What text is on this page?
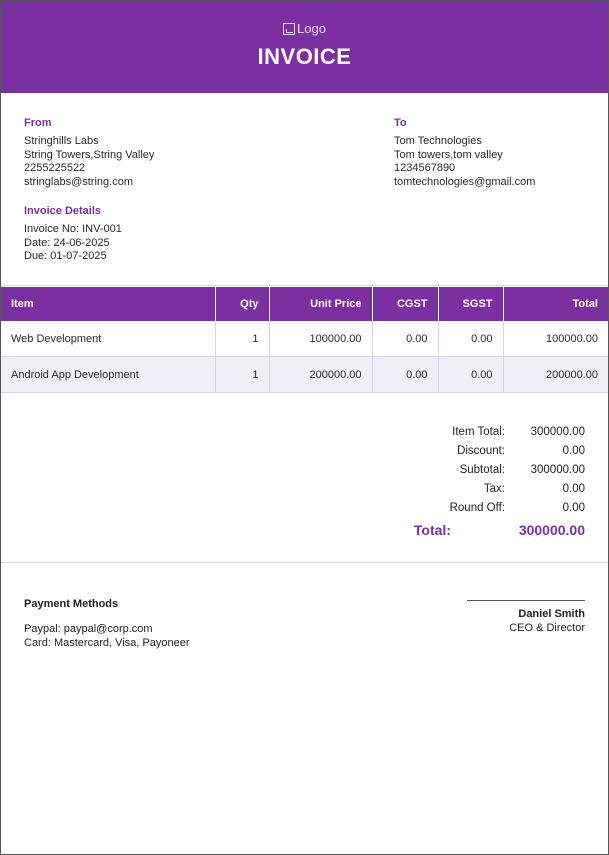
Logo
INVOICE
From
Stringhills Labs
String Towers,String Valley
2255225522
stringlabs@string.com
To
Tom Technologies
Tom towers,tom valley
1234567890
tomtechnologies@gmail.com
Invoice Details
Invoice No: INV-001
Date: 24-06-2025
Due: 01-07-2025
Item	Qty	Unit Price	CGST	SGST	Total
Web Development	1	100000.00	0.00	0.00	100000.00
Android App Development	1	200000.00	0.00	0.00	200000.00
Item Total:	300000.00
Discount:	0.00
Subtotal:	300000.00
Tax:	0.00
Round Off:	0.00
Total:	300000.00
Payment Methods
Paypal: paypal@corp.com
Card: Mastercard, Visa, Payoneer
Daniel Smith
CEO & Director
